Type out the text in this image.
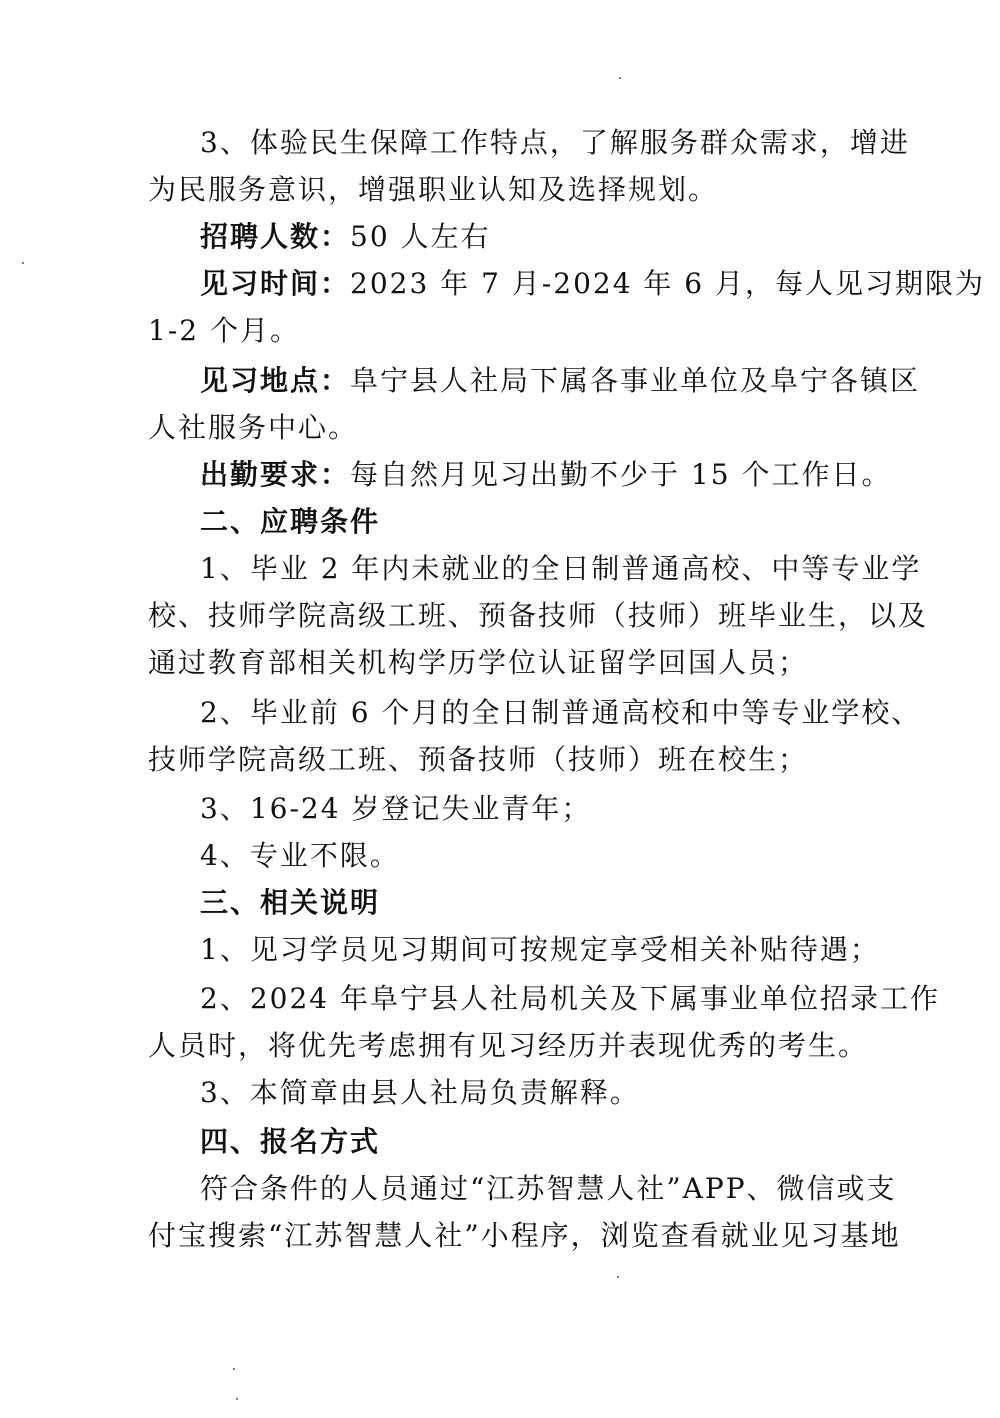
3、体验民生保障工作特点，了解服务群众需求，增进
为民服务意识，增强职业认知及选择规划。
招聘人数：50 人左右
见习时间：2023 年 7 月-2024 年 6 月，每人见习期限为
1-2 个月。
见习地点：阜宁县人社局下属各事业单位及阜宁各镇区
人社服务中心。
出勤要求：每自然月见习出勤不少于 15 个工作日。
二、应聘条件
1、毕业 2 年内未就业的全日制普通高校、中等专业学
校、技师学院高级工班、预备技师（技师）班毕业生，以及
通过教育部相关机构学历学位认证留学回国人员；
2、毕业前 6 个月的全日制普通高校和中等专业学校、
技师学院高级工班、预备技师（技师）班在校生；
3、16-24 岁登记失业青年；
4、专业不限。
三、相关说明
1、见习学员见习期间可按规定享受相关补贴待遇；
2、2024 年阜宁县人社局机关及下属事业单位招录工作
人员时，将优先考虑拥有见习经历并表现优秀的考生。
3、本简章由县人社局负责解释。
四、报名方式
符合条件的人员通过“江苏智慧人社”APP、微信或支
付宝搜索“江苏智慧人社”小程序，浏览查看就业见习基地
